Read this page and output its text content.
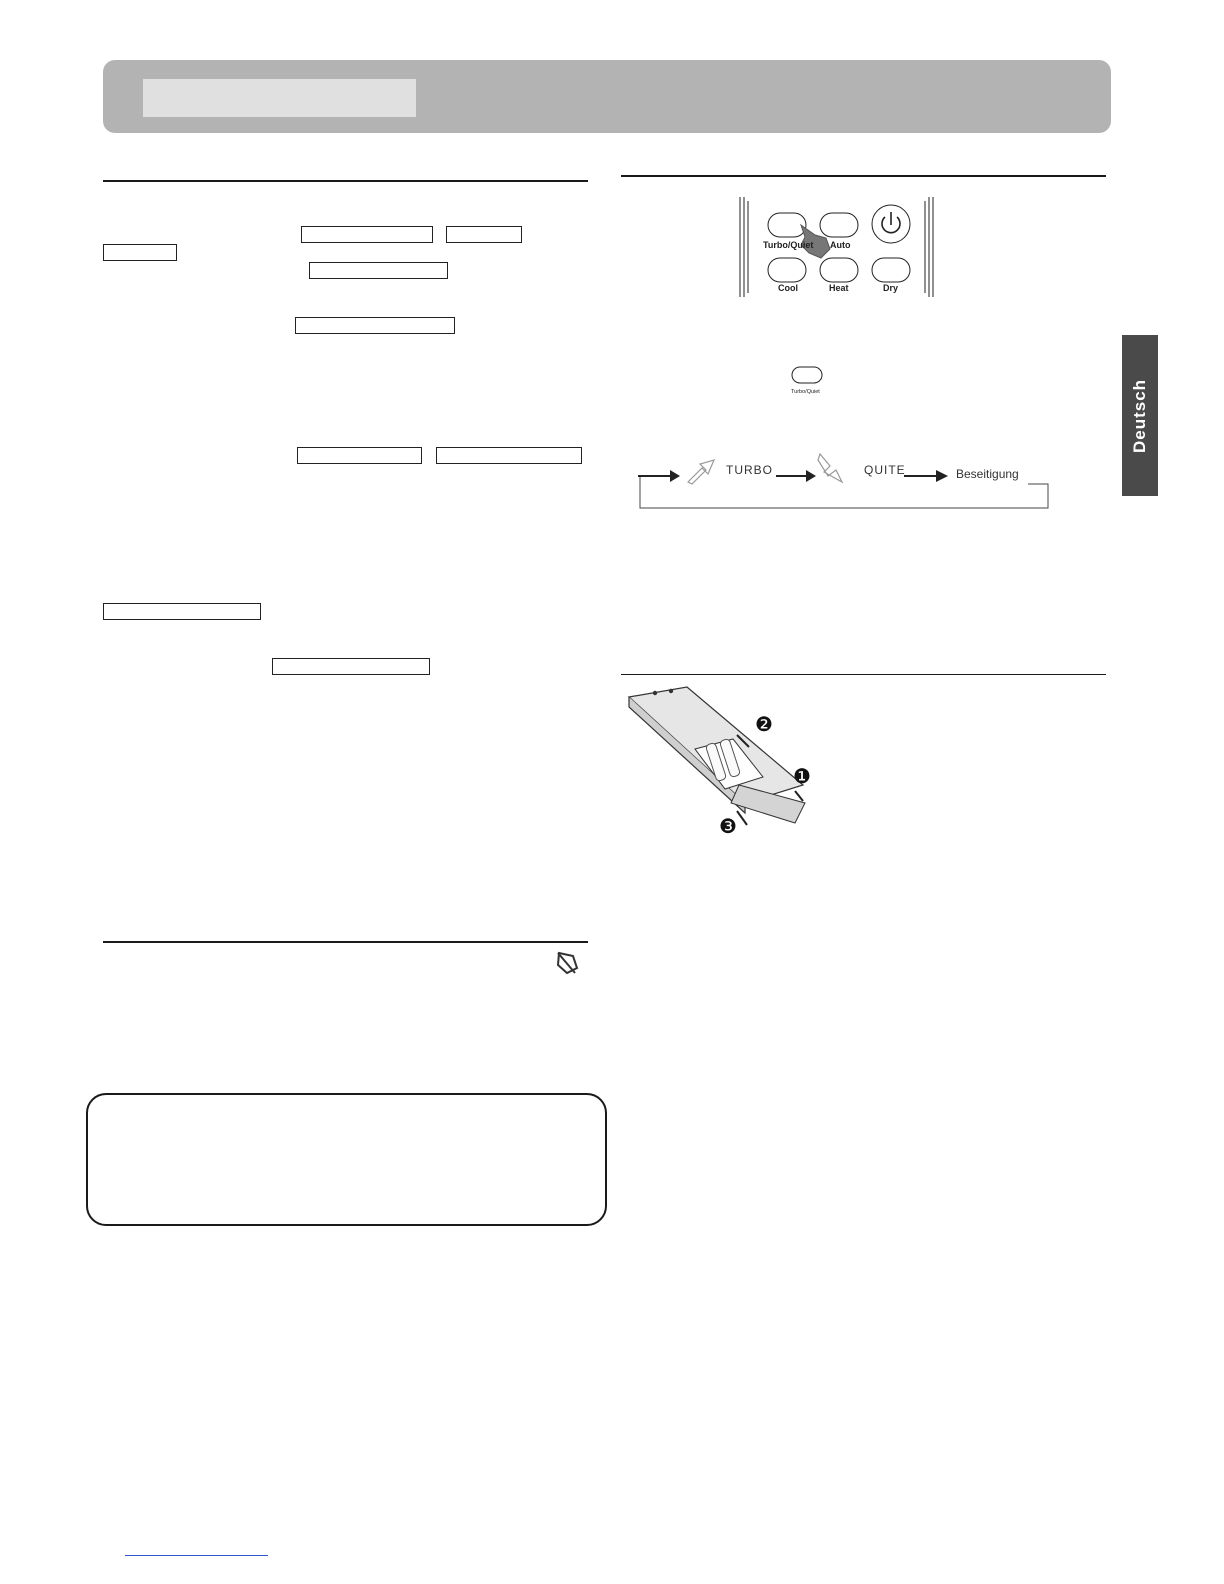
Turbo/Quiet Auto
Cool	Heat	Dry
Turbo/Quiet
TURBO	QUITE	Beseitigung
❷
❶
❸
Deutsch
